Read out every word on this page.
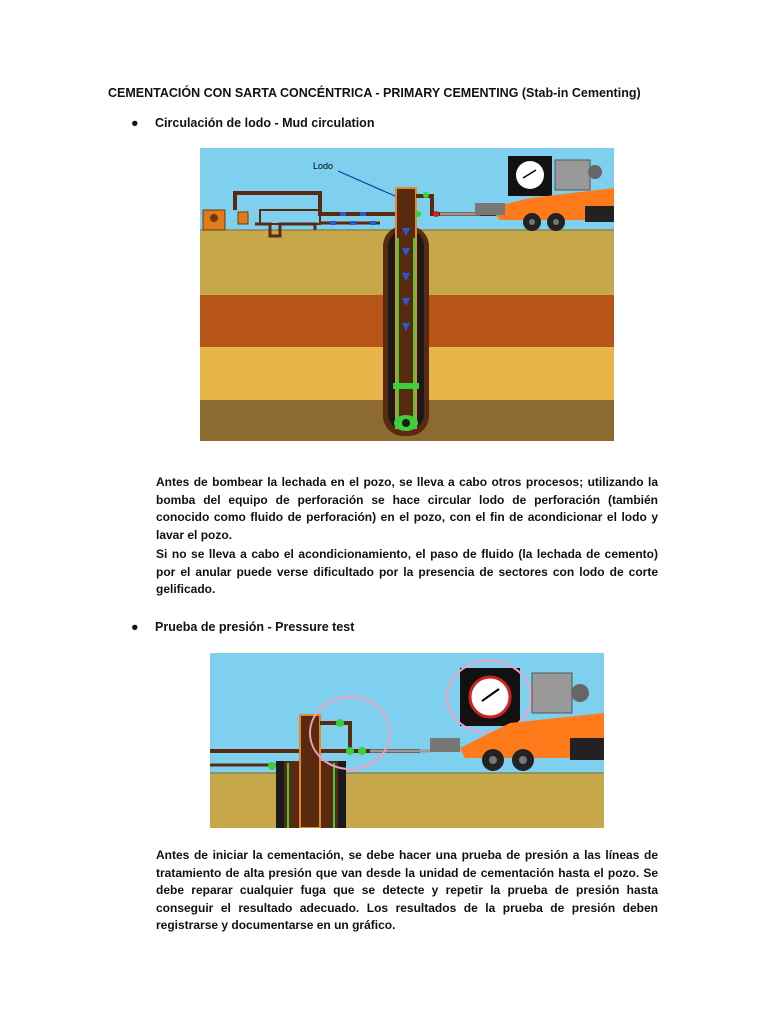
CEMENTACIÓN CON SARTA CONCÉNTRICA - PRIMARY CEMENTING (Stab-in Cementing)
● Circulación de lodo - Mud circulation
Lodo

Antes de bombear la lechada en el pozo, se lleva a cabo otros procesos; utilizando la bomba del equipo de perforación se hace circular lodo de perforación (también conocido como fluido de perforación) en el pozo, con el fin de acondicionar el lodo y lavar el pozo.

Si no se lleva a cabo el acondicionamiento, el paso de fluido (la lechada de cemento) por el anular puede verse dificultado por la presencia de sectores con lodo de corte gelificado.

● Prueba de presión - Pressure test

Antes de iniciar la cementación, se debe hacer una prueba de presión a las líneas de tratamiento de alta presión que van desde la unidad de cementación hasta el pozo. Se debe reparar cualquier fuga que se detecte y repetir la prueba de presión hasta conseguir el resultado adecuado. Los resultados de la prueba de presión deben registrarse y documentarse en un gráfico.
